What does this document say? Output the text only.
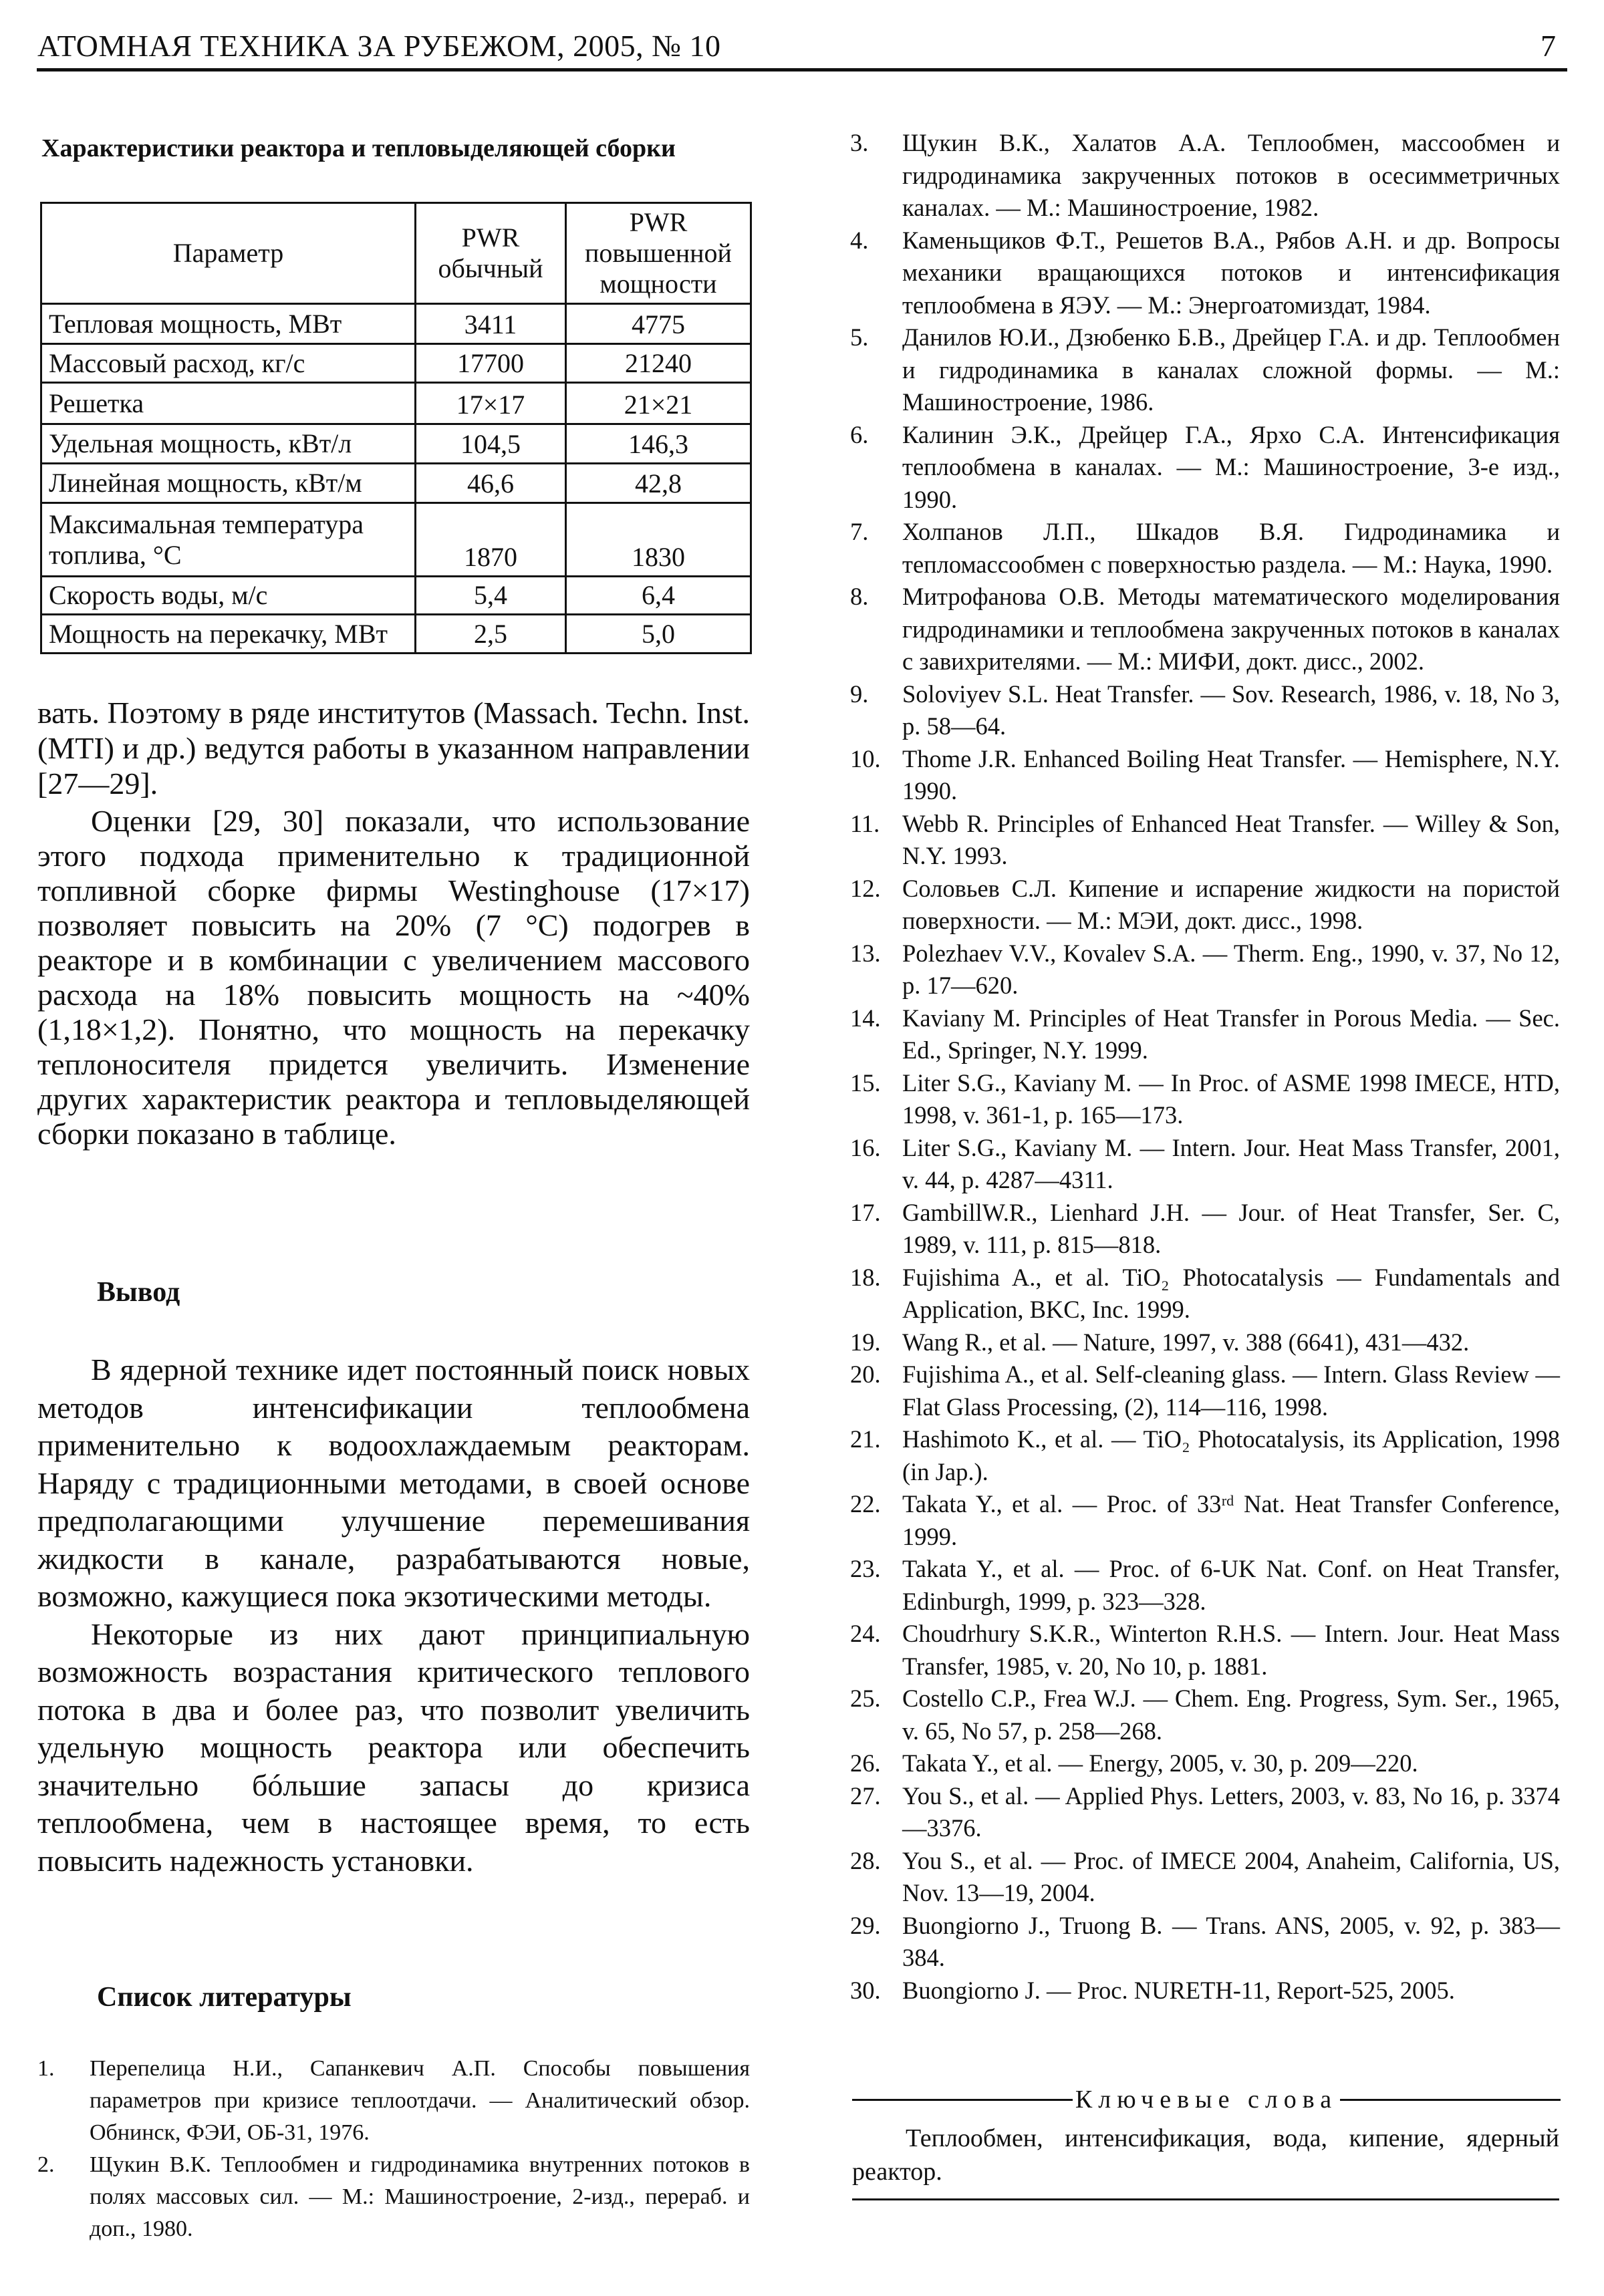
АТОМНАЯ ТЕХНИКА ЗА РУБЕЖОМ, 2005, № 10	7
Характеристики реактора и тепловыделяющей сборки
Параметр	PWR обычный	PWR повышенной мощности
Тепловая мощность, МВт	3411	4775
Массовый расход, кг/с	17700	21240
Решетка	17×17	21×21
Удельная мощность, кВт/л	104,5	146,3
Линейная мощность, кВт/м	46,6	42,8
Максимальная температура топлива, °С	1870	1830
Скорость воды, м/с	5,4	6,4
Мощность на перекачку, МВт	2,5	5,0

вать. Поэтому в ряде институтов (Massach. Techn. Inst. (MTI) и др.) ведутся работы в указанном направлении [27—29].

Оценки [29, 30] показали, что использование этого подхода применительно к традиционной топливной сборке фирмы Westinghouse (17×17) позволяет повысить на 20% (7 °С) подогрев в реакторе и в комбинации с увеличением массового расхода на 18% повысить мощность на ~40% (1,18×1,2). Понятно, что мощность на перекачку теплоносителя придется увеличить. Изменение других характеристик реактора и тепловыделяющей сборки показано в таблице.

Вывод

В ядерной технике идет постоянный поиск новых методов интенсификации теплообмена применительно к водоохлаждаемым реакторам. Наряду с традиционными методами, в своей основе предполагающими улучшение перемешивания жидкости в канале, разрабатываются новые, возможно, кажущиеся пока экзотическими методы.

Некоторые из них дают принципиальную возможность возрастания критического теплового потока в два и более раз, что позволит увеличить удельную мощность реактора или обеспечить значительно бóльшие запасы до кризиса теплообмена, чем в настоящее время, то есть повысить надежность установки.

Список литературы
1.	Перепелица Н.И., Сапанкевич А.П. Способы повышения параметров при кризисе теплоотдачи. — Аналитический обзор. Обнинск, ФЭИ, ОБ-31, 1976.
2.	Щукин В.К. Теплообмен и гидродинамика внутренних потоков в полях массовых сил. — М.: Машиностроение, 2-изд., перераб. и доп., 1980.
3.	Щукин В.К., Халатов А.А. Теплообмен, массообмен и гидродинамика закрученных потоков в осесимметричных каналах. — М.: Машиностроение, 1982.
4.	Каменьщиков Ф.Т., Решетов В.А., Рябов А.Н. и др. Вопросы механики вращающихся потоков и интенсификация теплообмена в ЯЭУ. — М.: Энергоатомиздат, 1984.
5.	Данилов Ю.И., Дзюбенко Б.В., Дрейцер Г.А. и др. Теплообмен и гидродинамика в каналах сложной формы. — М.: Машиностроение, 1986.
6.	Калинин Э.К., Дрейцер Г.А., Ярхо С.А. Интенсификация теплообмена в каналах. — М.: Машиностроение, 3-е изд., 1990.
7.	Холпанов Л.П., Шкадов В.Я. Гидродинамика и тепломассообмен с поверхностью раздела. — М.: Наука, 1990.
8.	Митрофанова О.В. Методы математического моделирования гидродинамики и теплообмена закрученных потоков в каналах с завихрителями. — М.: МИФИ, докт. дисс., 2002.
9.	Soloviyev S.L. Heat Transfer. — Sov. Research, 1986, v. 18, No 3, p. 58—64.
10. Thome J.R. Enhanced Boiling Heat Transfer. — Hemisphere, N.Y. 1990.
11. Webb R. Principles of Enhanced Heat Transfer. — Willey & Son, N.Y. 1993.
12. Соловьев С.Л. Кипение и испарение жидкости на пористой поверхности. — М.: МЭИ, докт. дисс., 1998.
13. Polezhaev V.V., Kovalev S.A. — Therm. Eng., 1990, v. 37, No 12, p. 17—620.
14. Kaviany M. Principles of Heat Transfer in Porous Media. — Sec. Ed., Springer, N.Y. 1999.
15. Liter S.G., Kaviany M. — In Proc. of ASME 1998 IMECE, HTD, 1998, v. 361-1, p. 165—173.
16. Liter S.G., Kaviany M. — Intern. Jour. Heat Mass Transfer, 2001, v. 44, p. 4287—4311.
17. GambillW.R., Lienhard J.H. — Jour. of Heat Transfer, Ser. C, 1989, v. 111, p. 815—818.
18. Fujishima A., et al. TiO₂ Photocatalysis — Fundamentals and Application, BKC, Inc. 1999.
19. Wang R., et al. — Nature, 1997, v. 388 (6641), 431—432.
20. Fujishima A., et al. Self-cleaning glass. — Intern. Glass Review — Flat Glass Processing, (2), 114—116, 1998.
21. Hashimoto K., et al. — TiO₂ Photocatalysis, its Application, 1998 (in Jap.).
22. Takata Y., et al. — Proc. of 33ʳᵈ Nat. Heat Transfer Conference, 1999.
23. Takata Y., et al. — Proc. of 6-UK Nat. Conf. on Heat Transfer, Edinburgh, 1999, p. 323—328.
24. Choudrhury S.K.R., Winterton R.H.S. — Intern. Jour. Heat Mass Transfer, 1985, v. 20, No 10, p. 1881.
25. Costello C.P., Frea W.J. — Chem. Eng. Progress, Sym. Ser., 1965, v. 65, No 57, p. 258—268.
26. Takata Y., et al. — Energy, 2005, v. 30, p. 209—220.
27. You S., et al. — Applied Phys. Letters, 2003, v. 83, No 16, p. 3374—3376.
28. You S., et al. — Proc. of IMECE 2004, Anaheim, California, US, Nov. 13—19, 2004.
29. Buongiorno J., Truong B. — Trans. ANS, 2005, v. 92, p. 383—384.
30. Buongiorno J. — Proc. NURETH-11, Report-525, 2005.
Ключевые слова
Теплообмен, интенсификация, вода, кипение, ядерный реактор.
